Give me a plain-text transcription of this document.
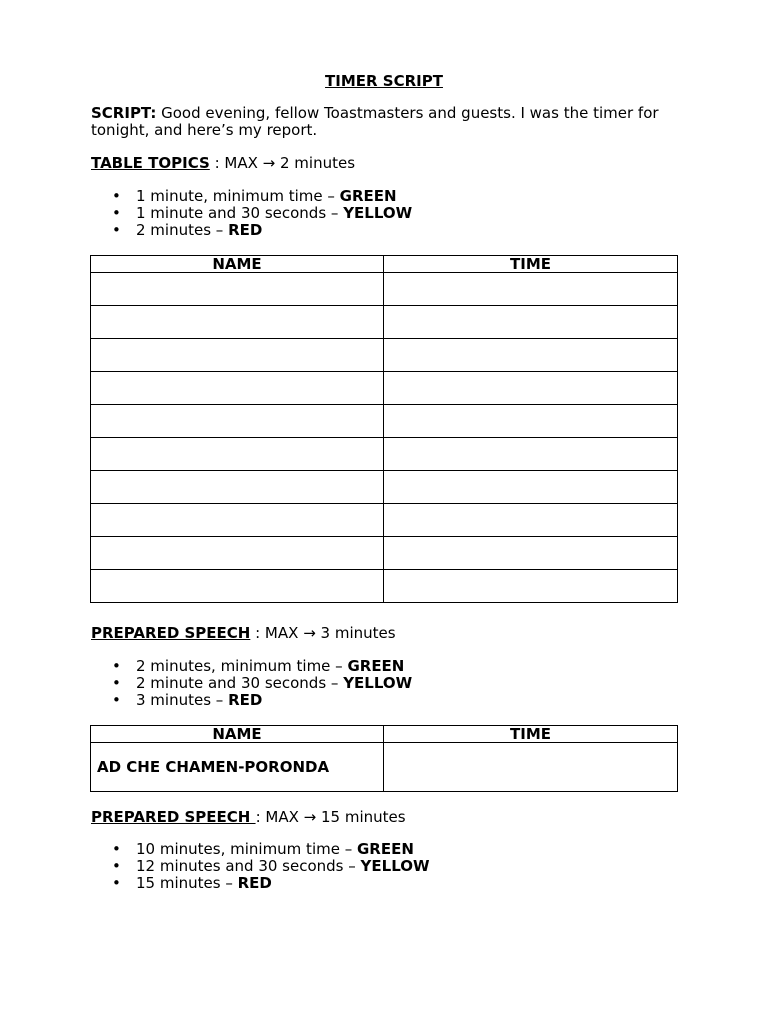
TIMER SCRIPT
SCRIPT: Good evening, fellow Toastmasters and guests. I was the timer for tonight, and here’s my report.
TABLE TOPICS : MAX → 2 minutes
• 1 minute, minimum time – GREEN
• 1 minute and 30 seconds – YELLOW
• 2 minutes – RED
NAME	TIME

PREPARED SPEECH : MAX → 3 minutes
• 2 minutes, minimum time – GREEN
• 2 minute and 30 seconds – YELLOW
• 3 minutes – RED
NAME	TIME
AD CHE CHAMEN-PORONDA	
PREPARED SPEECH : MAX → 15 minutes
• 10 minutes, minimum time – GREEN
• 12 minutes and 30 seconds – YELLOW
• 15 minutes – RED
